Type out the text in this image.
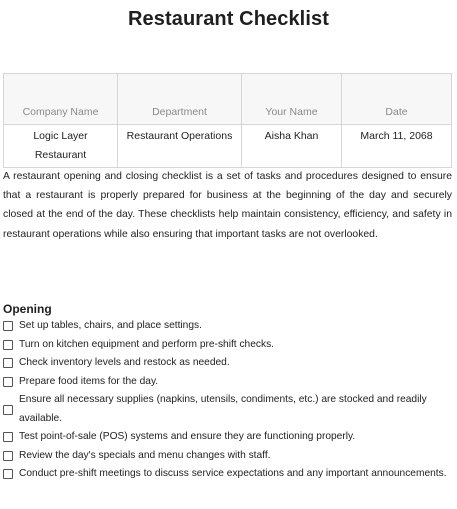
Restaurant Checklist
Company Name	Department	Your Name	Date
Logic Layer Restaurant	Restaurant Operations	Aisha Khan	March 11, 2068

A restaurant opening and closing checklist is a set of tasks and procedures designed to ensure that a restaurant is properly prepared for business at the beginning of the day and securely closed at the end of the day. These checklists help maintain consistency, efficiency, and safety in restaurant operations while also ensuring that important tasks are not overlooked.

Opening
Set up tables, chairs, and place settings.
Turn on kitchen equipment and perform pre-shift checks.
Check inventory levels and restock as needed.
Prepare food items for the day.
Ensure all necessary supplies (napkins, utensils, condiments, etc.) are stocked and readily available.
Test point-of-sale (POS) systems and ensure they are functioning properly.
Review the day's specials and menu changes with staff.
Conduct pre-shift meetings to discuss service expectations and any important announcements.
